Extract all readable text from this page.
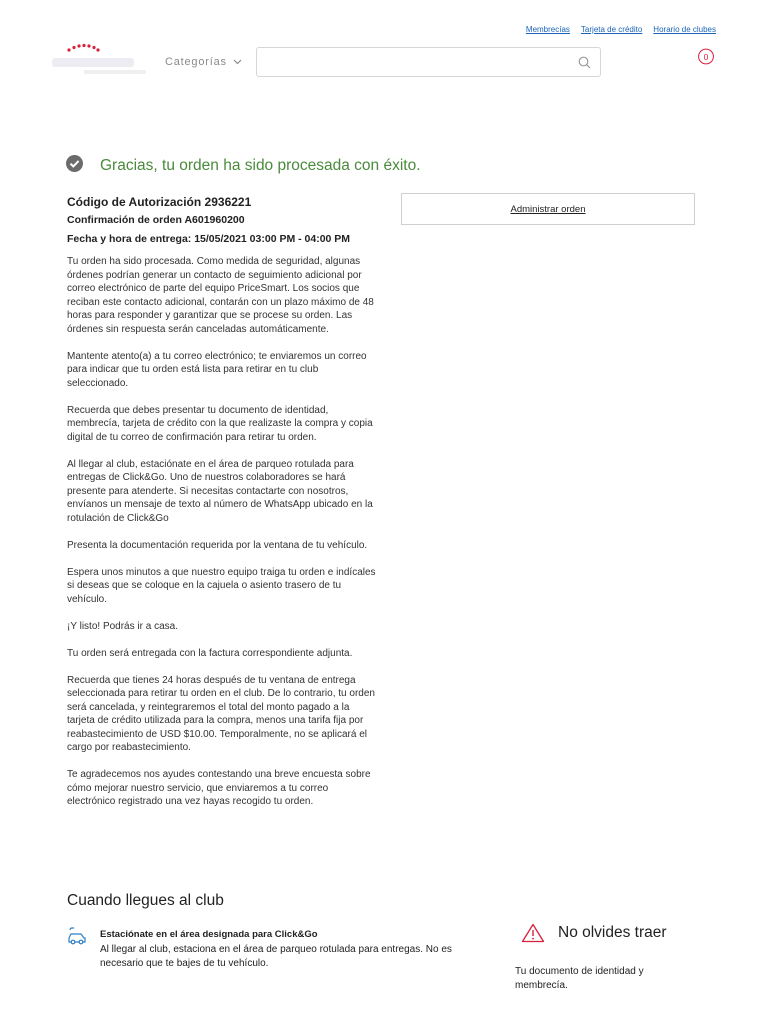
Membrecías Tarjeta de crédito Horario de clubes
Categorías	0
Gracias, tu orden ha sido procesada con éxito.
Código de Autorización 2936221
Confirmación de orden A601960200
Fecha y hora de entrega: 15/05/2021 03:00 PM - 04:00 PM
Administrar orden

Tu orden ha sido procesada. Como medida de seguridad, algunas órdenes podrían generar un contacto de seguimiento adicional por correo electrónico de parte del equipo PriceSmart. Los socios que reciban este contacto adicional, contarán con un plazo máximo de 48 horas para responder y garantizar que se procese su orden. Las órdenes sin respuesta serán canceladas automáticamente.

Mantente atento(a) a tu correo electrónico; te enviaremos un correo para indicar que tu orden está lista para retirar en tu club seleccionado.

Recuerda que debes presentar tu documento de identidad, membrecía, tarjeta de crédito con la que realizaste la compra y copia digital de tu correo de confirmación para retirar tu orden.

Al llegar al club, estaciónate en el área de parqueo rotulada para entregas de Click&Go. Uno de nuestros colaboradores se hará presente para atenderte. Si necesitas contactarte con nosotros, envíanos un mensaje de texto al número de WhatsApp ubicado en la rotulación de Click&Go

Presenta la documentación requerida por la ventana de tu vehículo.

Espera unos minutos a que nuestro equipo traiga tu orden e indícales si deseas que se coloque en la cajuela o asiento trasero de tu vehículo.

¡Y listo! Podrás ir a casa.

Tu orden será entregada con la factura correspondiente adjunta.

Recuerda que tienes 24 horas después de tu ventana de entrega seleccionada para retirar tu orden en el club. De lo contrario, tu orden será cancelada, y reintegraremos el total del monto pagado a la tarjeta de crédito utilizada para la compra, menos una tarifa fija por reabastecimiento de USD $10.00. Temporalmente, no se aplicará el cargo por reabastecimiento.

Te agradecemos nos ayudes contestando una breve encuesta sobre cómo mejorar nuestro servicio, que enviaremos a tu correo electrónico registrado una vez hayas recogido tu orden.

Cuando llegues al club
Estaciónate en el área designada para Click&Go
Al llegar al club, estaciona en el área de parqueo rotulada para entregas. No es necesario que te bajes de tu vehículo.
No olvides traer
Tu documento de identidad y membrecía.
